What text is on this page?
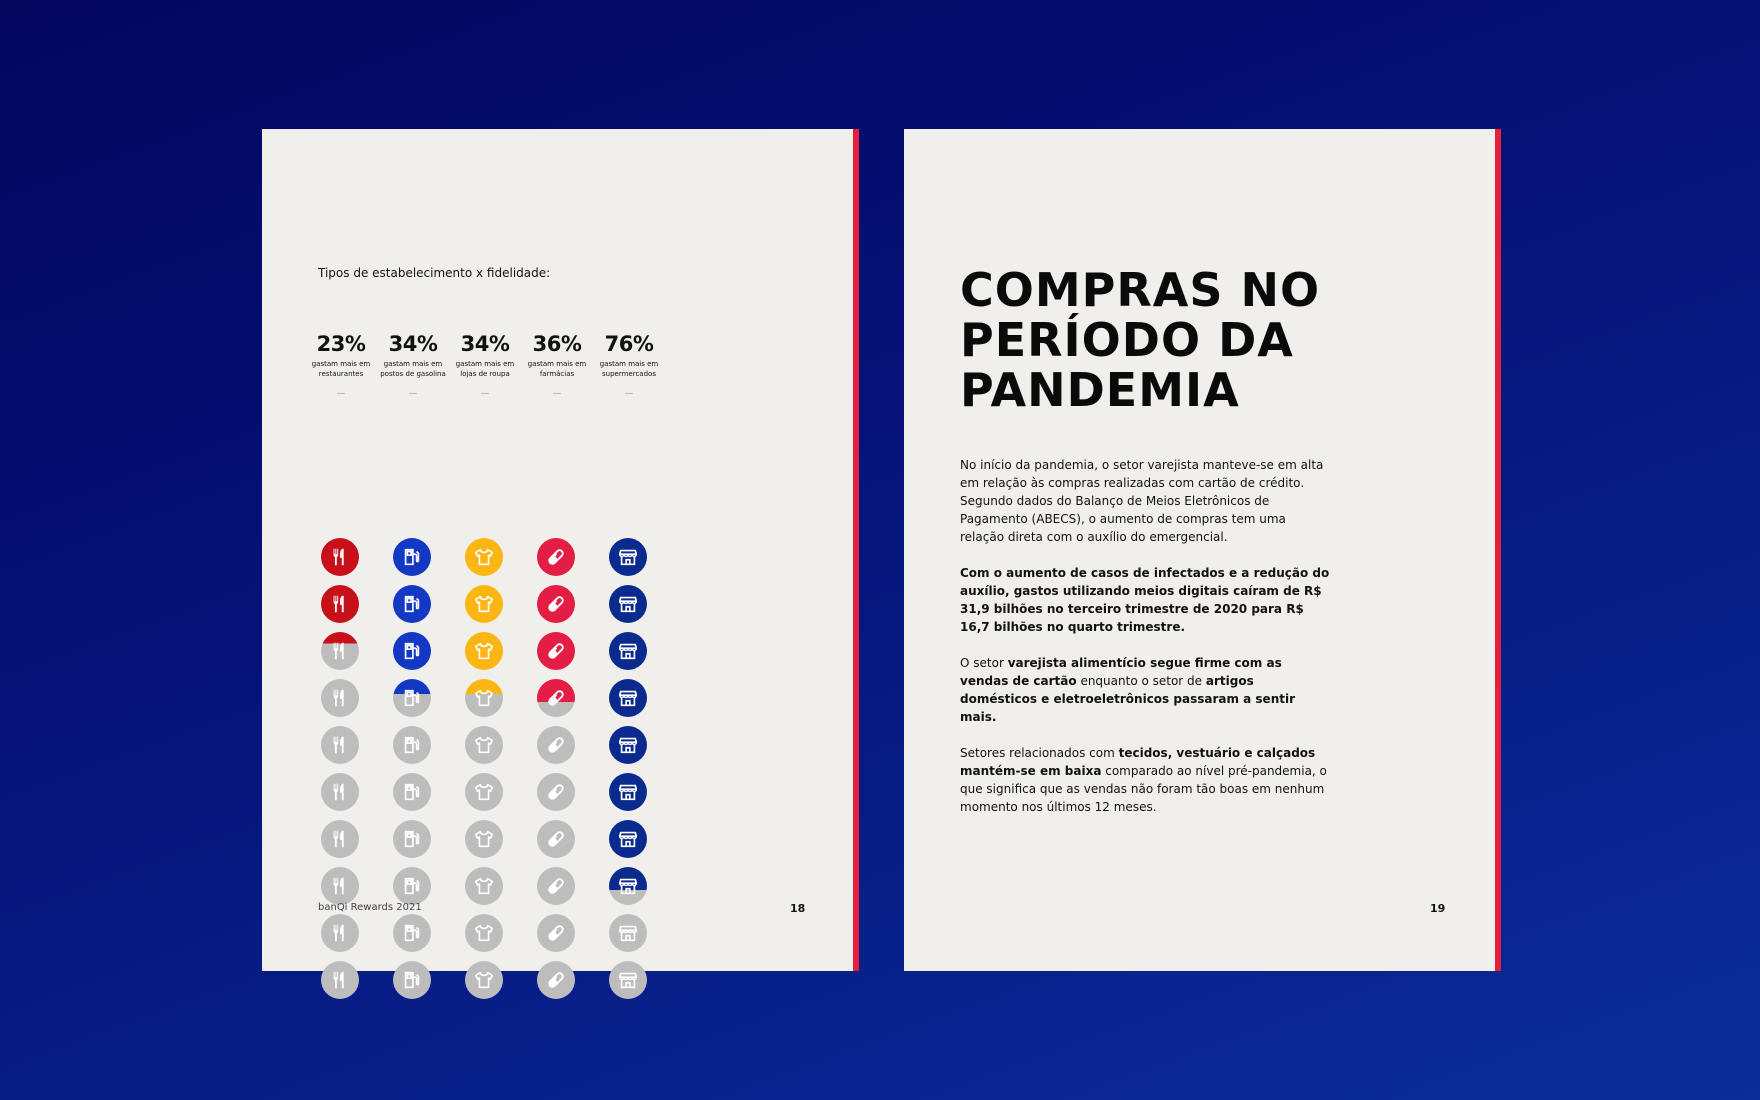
Tipos de estabelecimento x fidelidade:
23%
gastam mais em
restaurantes
34%
gastam mais em
postos de gasolina
34%
gastam mais em
lojas de roupa
36%
gastam mais em
farmácias
76%
gastam mais em
supermercados
banQi Rewards 2021	18
COMPRAS NO
PERÍODO DA
PANDEMIA

No início da pandemia, o setor varejista manteve-se em alta em relação às compras realizadas com cartão de crédito. Segundo dados do Balanço de Meios Eletrônicos de Pagamento (ABECS), o aumento de compras tem uma relação direta com o auxílio do emergencial.

Com o aumento de casos de infectados e a redução do auxílio, gastos utilizando meios digitais caíram de R$ 31,9 bilhões no terceiro trimestre de 2020 para R$ 16,7 bilhões no quarto trimestre.

O setor varejista alimentício segue firme com as vendas de cartão enquanto o setor de artigos domésticos e eletroeletrônicos passaram a sentir mais.

Setores relacionados com tecidos, vestuário e calçados mantém-se em baixa comparado ao nível pré-pandemia, o que significa que as vendas não foram tão boas em nenhum momento nos últimos 12 meses.

19
